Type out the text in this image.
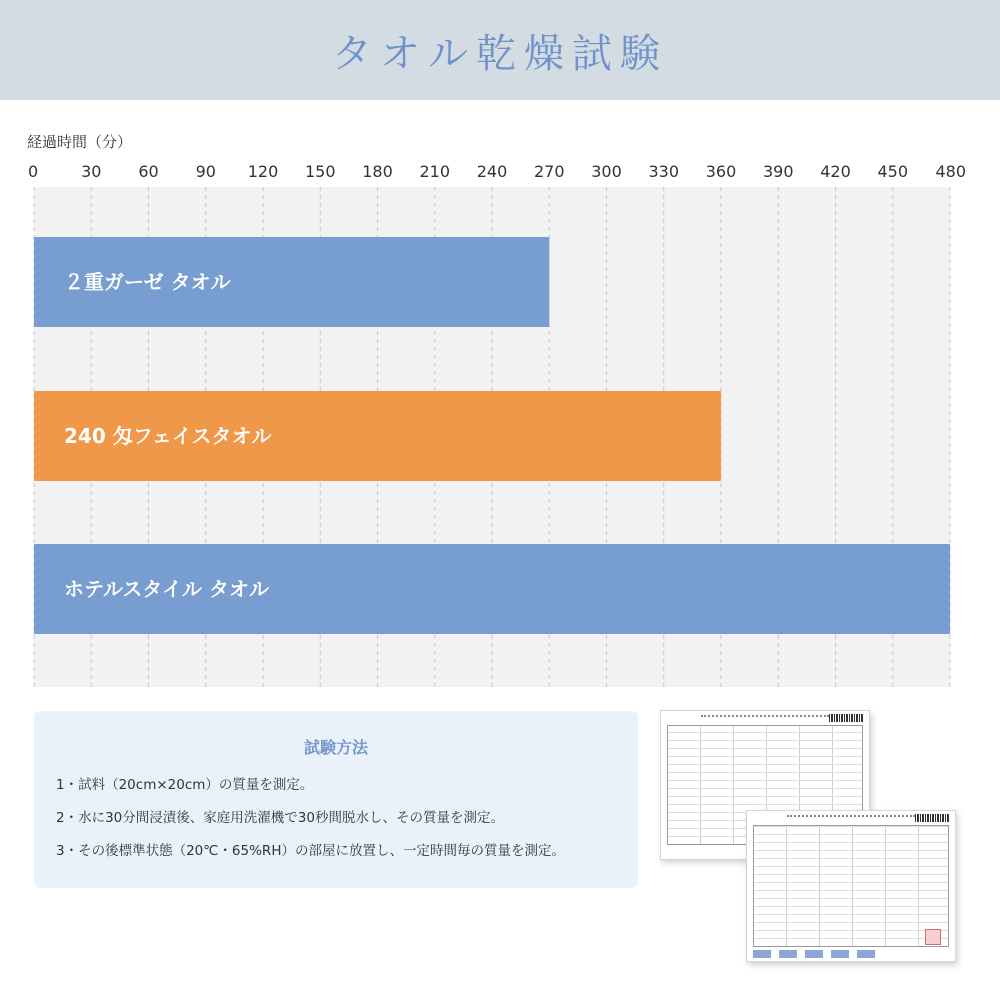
タオル乾燥試験
経過時間（分）
0	30 60 90 120 150 180 210 240 270 300 330 360 390 420 450 480
２重ガーゼ タオル
240 匁フェイスタオル
ホテルスタイル タオル
試験方法
1・試料（20cm×20cm）の質量を測定。
2・水に30分間浸漬後、家庭用洗濯機で30秒間脱水し、その質量を測定。
3・その後標準状態（20℃・65%RH）の部屋に放置し、一定時間毎の質量を測定。
